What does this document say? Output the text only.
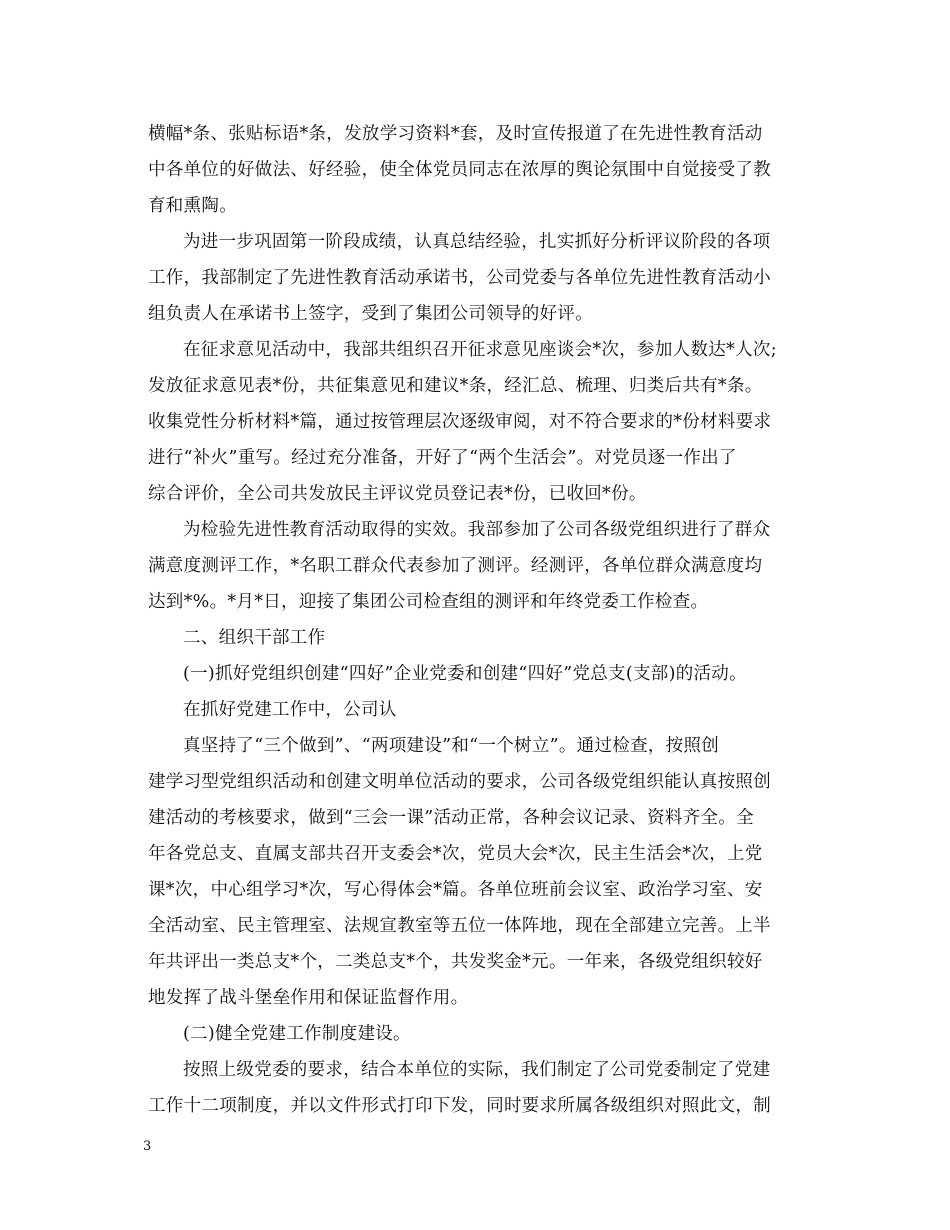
横幅*条、张贴标语*条，发放学习资料*套，及时宣传报道了在先进性教育活动
中各单位的好做法、好经验，使全体党员同志在浓厚的舆论氛围中自觉接受了教
育和熏陶。
为进一步巩固第一阶段成绩，认真总结经验，扎实抓好分析评议阶段的各项
工作，我部制定了先进性教育活动承诺书，公司党委与各单位先进性教育活动小
组负责人在承诺书上签字，受到了集团公司领导的好评。
在征求意见活动中，我部共组织召开征求意见座谈会*次，参加人数达*人次;
发放征求意见表*份，共征集意见和建议*条，经汇总、梳理、归类后共有*条。
收集党性分析材料*篇，通过按管理层次逐级审阅，对不符合要求的*份材料要求
进行“补火”重写。经过充分准备，开好了“两个生活会”。对党员逐一作出了
综合评价，全公司共发放民主评议党员登记表*份，已收回*份。
为检验先进性教育活动取得的实效。我部参加了公司各级党组织进行了群众
满意度测评工作，*名职工群众代表参加了测评。经测评，各单位群众满意度均
达到*%。*月*日，迎接了集团公司检查组的测评和年终党委工作检查。
二、组织干部工作
(一)抓好党组织创建“四好”企业党委和创建“四好”党总支(支部)的活动。
在抓好党建工作中，公司认
真坚持了“三个做到”、“两项建设”和“一个树立”。通过检查，按照创
建学习型党组织活动和创建文明单位活动的要求，公司各级党组织能认真按照创
建活动的考核要求，做到“三会一课”活动正常，各种会议记录、资料齐全。全
年各党总支、直属支部共召开支委会*次，党员大会*次，民主生活会*次，上党
课*次，中心组学习*次，写心得体会*篇。各单位班前会议室、政治学习室、安
全活动室、民主管理室、法规宣教室等五位一体阵地，现在全部建立完善。上半
年共评出一类总支*个，二类总支*个，共发奖金*元。一年来，各级党组织较好
地发挥了战斗堡垒作用和保证监督作用。
(二)健全党建工作制度建设。
按照上级党委的要求，结合本单位的实际，我们制定了公司党委制定了党建
工作十二项制度，并以文件形式打印下发，同时要求所属各级组织对照此文，制
3
